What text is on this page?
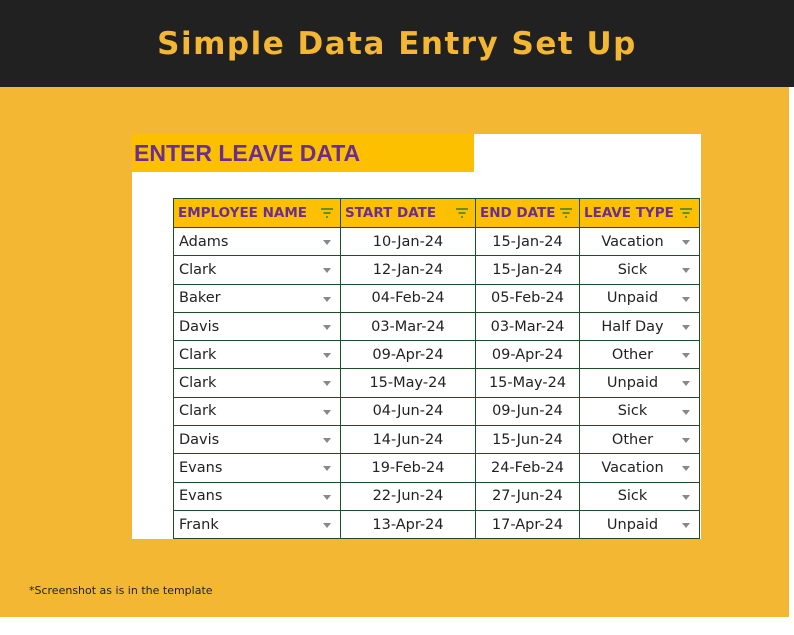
Simple Data Entry Set Up
ENTER LEAVE DATA
EMPLOYEE NAME	START DATE	END DATE	LEAVE TYPE

Adams	10-Jan-24	15-Jan-24	Vacation

Clark	12-Jan-24	15-Jan-24	Sick

Baker	04-Feb-24	05-Feb-24	Unpaid

Davis	03-Mar-24	03-Mar-24	Half Day

Clark	09-Apr-24	09-Apr-24	Other

Clark	15-May-24	15-May-24	Unpaid

Clark	04-Jun-24	09-Jun-24	Sick

Davis	14-Jun-24	15-Jun-24	Other

Evans	19-Feb-24	24-Feb-24	Vacation

Evans	22-Jun-24	27-Jun-24	Sick

Frank	13-Apr-24	17-Apr-24	Unpaid
*Screenshot as is in the template
